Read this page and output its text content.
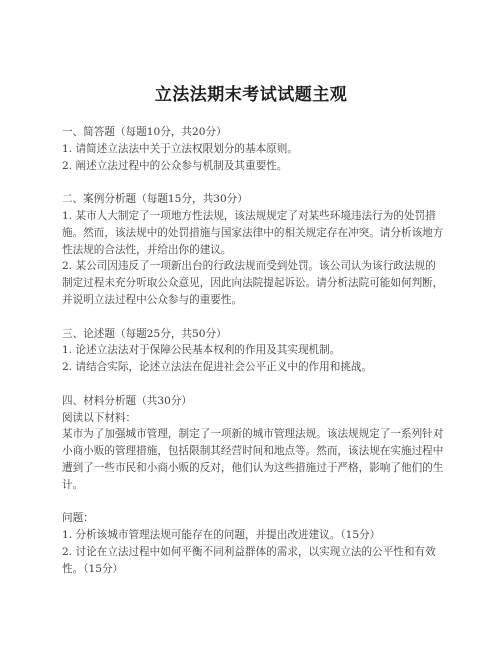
立法法期末考试试题主观

一、简答题（每题10分，共20分）

1. 请简述立法法中关于立法权限划分的基本原则。

2. 阐述立法过程中的公众参与机制及其重要性。

二、案例分析题（每题15分，共30分）

1. 某市人大制定了一项地方性法规，该法规规定了对某些环境违法行为的处罚措施。然而，该法规中的处罚措施与国家法律中的相关规定存在冲突。请分析该地方性法规的合法性，并给出你的建议。

2. 某公司因违反了一项新出台的行政法规而受到处罚。该公司认为该行政法规的制定过程未充分听取公众意见，因此向法院提起诉讼。请分析法院可能如何判断，并说明立法过程中公众参与的重要性。

三、论述题（每题25分，共50分）

1. 论述立法法对于保障公民基本权利的作用及其实现机制。

2. 请结合实际，论述立法法在促进社会公平正义中的作用和挑战。

四、材料分析题（共30分）

阅读以下材料：

某市为了加强城市管理，制定了一项新的城市管理法规。该法规规定了一系列针对小商小贩的管理措施，包括限制其经营时间和地点等。然而，该法规在实施过程中遭到了一些市民和小商小贩的反对，他们认为这些措施过于严格，影响了他们的生计。

问题：

1. 分析该城市管理法规可能存在的问题，并提出改进建议。（15分）

2. 讨论在立法过程中如何平衡不同利益群体的需求，以实现立法的公平性和有效性。（15分）
